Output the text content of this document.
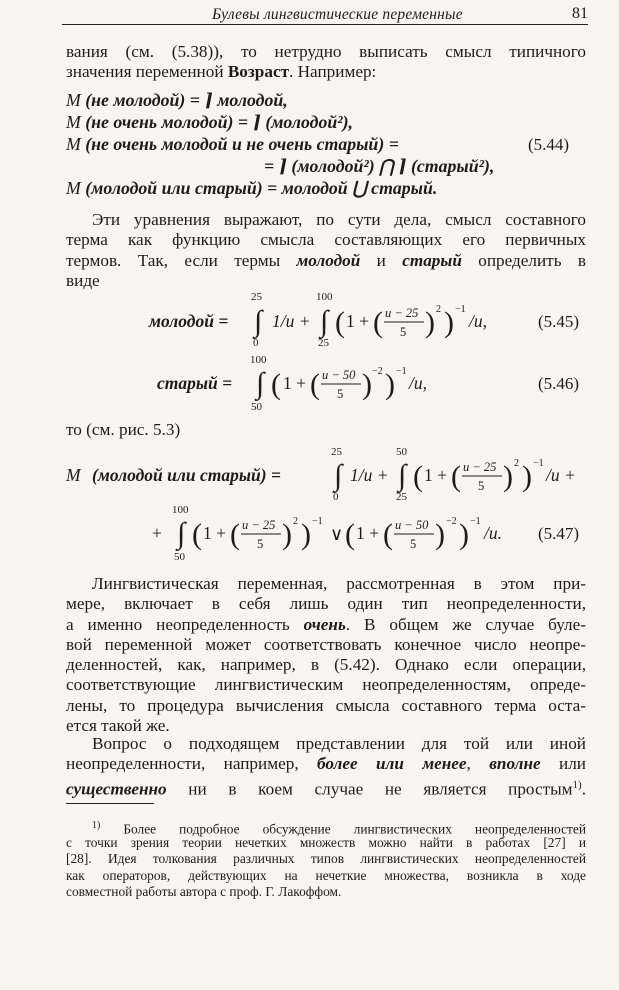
Булевы лингвистические переменные	81
вания (см. (5.38)), то нетрудно выписать смысл типичного
значения переменной Возраст. Например:
M (не молодой) = ⌉ молодой,
M (не очень молодой) = ⌉ (молодой²),
M (не очень молодой и не очень старый) =	(5.44)
= ⌉ (молодой²) ⋂ ⌉ (старый²),
M (молодой или старый) = молодой ⋃ старый.
Эти уравнения выражают, по сути дела, смысл составного
терма как функцию смысла составляющих его первичных
термов. Так, если термы молодой и старый определить в
виде
молодой =
25
∫
0
1/u +
100
∫
25
( 1 + ( u − 25
5 ) 2 ) −1
/u,	(5.45)
старый =
100
∫
50
( 1 + ( u − 50
5 ) −2 ) −1
/u,	(5.46)
то (см. рис. 5.3)
M (молодой или старый) =
25
∫
0
1/u +
50
∫
25
( 1 + ( u − 25
5 ) 2 ) −1
/u +
+
100
∫
50
( 1 + ( u − 25
5 ) 2 ) −1
∨ ( 1 + ( u − 50
5 ) −2 ) −1
/u. (5.47)
Лингвистическая переменная, рассмотренная в этом при-
мере, включает в себя лишь один тип неопределенности,
а именно неопределенность очень. В общем же случае буле-
вой переменной может соответствовать конечное число неопре-
деленностей, как, например, в (5.42). Однако если операции,
соответствующие лингвистическим неопределенностям, опреде-
лены, то процедура вычисления смысла составного терма оста-
ется такой же.
Вопрос о подходящем представлении для той или иной
неопределенности, например, более или менее, вполне или
существенно ни в коем случае не является простым$^{1)}$.
$^{1)}$ Более подробное обсуждение лингвистических неопределенностей
с точки зрения теории нечетких множеств можно найти в работах [27] и
[28]. Идея толкования различных типов лингвистических неопределенностей
как операторов, действующих на нечеткие множества, возникла в ходе
совместной работы автора с проф. Г. Лакоффом.
